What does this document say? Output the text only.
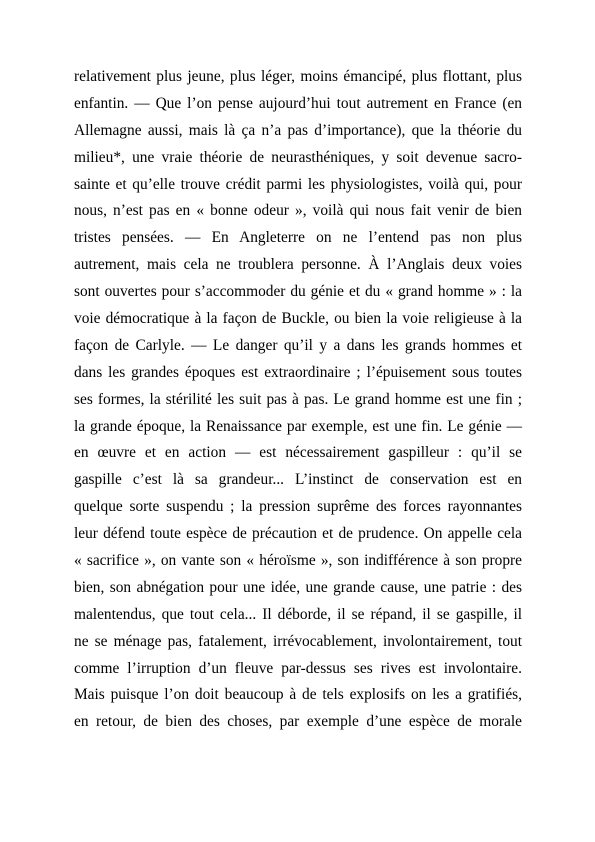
relativement plus jeune, plus léger, moins émancipé, plus flottant, plus
enfantin. — Que l’on pense aujourd’hui tout autrement en France (en
Allemagne aussi, mais là ça n’a pas d’importance), que la théorie du
milieu*, une vraie théorie de neurasthéniques, y soit devenue sacro-
sainte et qu’elle trouve crédit parmi les physiologistes, voilà qui, pour
nous, n’est pas en « bonne odeur », voilà qui nous fait venir de bien
tristes pensées. — En Angleterre on ne l’entend pas non plus
autrement, mais cela ne troublera personne. À l’Anglais deux voies
sont ouvertes pour s’accommoder du génie et du « grand homme » : la
voie démocratique à la façon de Buckle, ou bien la voie religieuse à la
façon de Carlyle. — Le danger qu’il y a dans les grands hommes et
dans les grandes époques est extraordinaire ; l’épuisement sous toutes
ses formes, la stérilité les suit pas à pas. Le grand homme est une fin ;
la grande époque, la Renaissance par exemple, est une fin. Le génie —
en œuvre et en action — est nécessairement gaspilleur : qu’il se
gaspille c’est là sa grandeur... L’instinct de conservation est en
quelque sorte suspendu ; la pression suprême des forces rayonnantes
leur défend toute espèce de précaution et de prudence. On appelle cela
« sacrifice », on vante son « héroïsme », son indifférence à son propre
bien, son abnégation pour une idée, une grande cause, une patrie : des
malentendus, que tout cela... Il déborde, il se répand, il se gaspille, il
ne se ménage pas, fatalement, irrévocablement, involontairement, tout
comme l’irruption d’un fleuve par-dessus ses rives est involontaire.
Mais puisque l’on doit beaucoup à de tels explosifs on les a gratifiés,
en retour, de bien des choses, par exemple d’une espèce de morale
